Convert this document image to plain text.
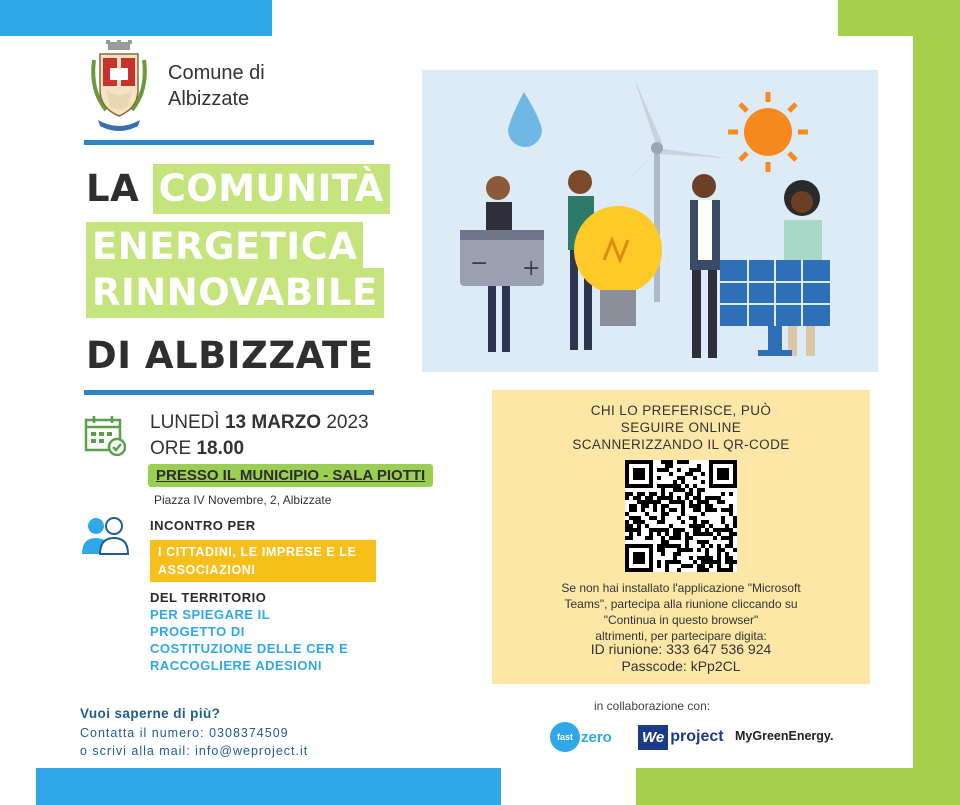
Comune di
Albizzate
LA COMUNITÀ
ENERGETICA
RINNOVABILE
DI ALBIZZATE
+
−
LUNEDÌ 13 MARZO 2023
ORE 18.00
PRESSO IL MUNICIPIO - SALA PIOTTI
Piazza IV Novembre, 2, Albizzate
INCONTRO PER
I CITTADINI, LE IMPRESE E LE ASSOCIAZIONI
DEL TERRITORIO
PER SPIEGARE IL PROGETTO DI COSTITUZIONE DELLE CER E RACCOGLIERE ADESIONI
Vuoi saperne di più?
Contatta il numero: 0308374509
o scrivi alla mail: info@weproject.it
CHI LO PREFERISCE, PUÒ
SEGUIRE ONLINE
SCANNERIZZANDO IL QR-CODE
Se non hai installato l'applicazione "Microsoft
Teams", partecipa alla riunione cliccando su
"Continua in questo browser"
altrimenti, per partecipare digita:
ID riunione: 333 647 536 924
Passcode: kPp2CL
in collaborazione con:
fast zero We project MyGreenEnergy.
